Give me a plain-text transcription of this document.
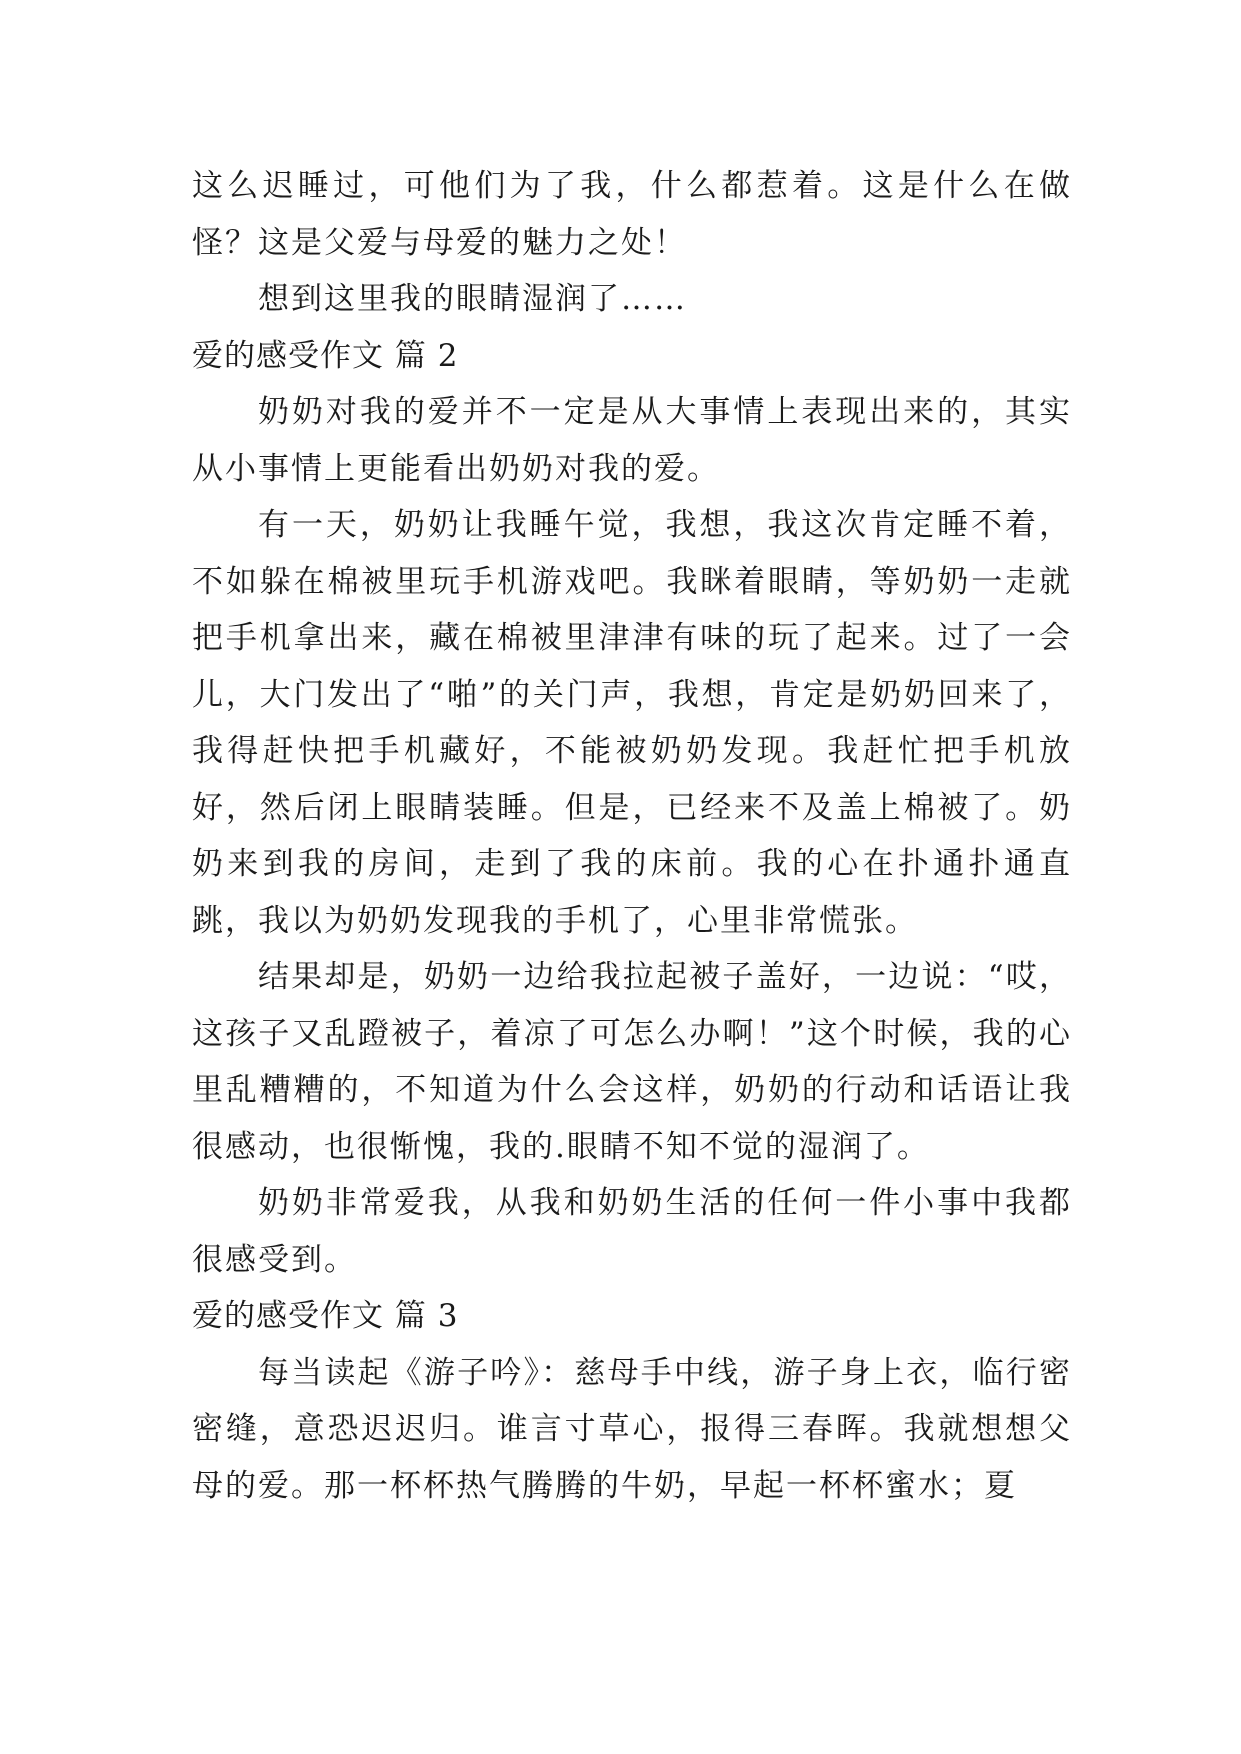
这么迟睡过，可他们为了我，什么都惹着。这是什么在做怪？这是父爱与母爱的魅力之处！

想到这里我的眼睛湿润了……

爱的感受作文 篇 2

奶奶对我的爱并不一定是从大事情上表现出来的，其实从小事情上更能看出奶奶对我的爱。

有一天，奶奶让我睡午觉，我想，我这次肯定睡不着，不如躲在棉被里玩手机游戏吧。我眯着眼睛，等奶奶一走就把手机拿出来，藏在棉被里津津有味的玩了起来。过了一会儿，大门发出了“啪”的关门声，我想，肯定是奶奶回来了，我得赶快把手机藏好，不能被奶奶发现。我赶忙把手机放好，然后闭上眼睛装睡。但是，已经来不及盖上棉被了。奶奶来到我的房间，走到了我的床前。我的心在扑通扑通直跳，我以为奶奶发现我的手机了，心里非常慌张。

结果却是，奶奶一边给我拉起被子盖好，一边说：“哎，这孩子又乱蹬被子，着凉了可怎么办啊！”这个时候，我的心里乱糟糟的，不知道为什么会这样，奶奶的行动和话语让我很感动，也很惭愧，我的.眼睛不知不觉的湿润了。

奶奶非常爱我，从我和奶奶生活的任何一件小事中我都很感受到。

爱的感受作文 篇 3

每当读起《游子吟》：慈母手中线，游子身上衣，临行密密缝，意恐迟迟归。谁言寸草心，报得三春晖。我就想想父母的爱。那一杯杯热气腾腾的牛奶，早起一杯杯蜜水；夏
